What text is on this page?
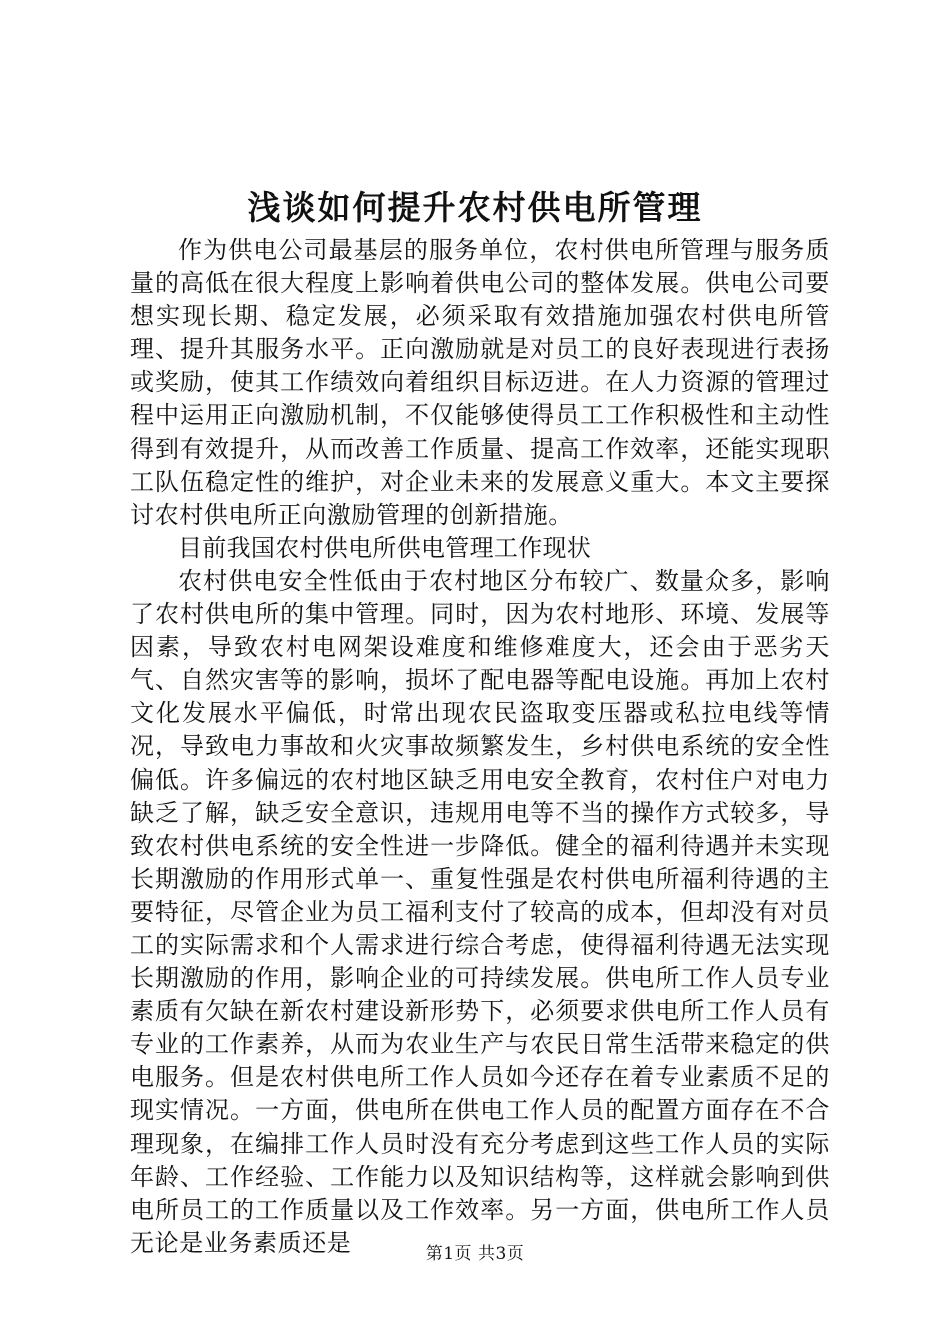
浅谈如何提升农村供电所管理

作为供电公司最基层的服务单位，农村供电所管理与服务质量的高低在很大程度上影响着供电公司的整体发展。供电公司要想实现长期、稳定发展，必须采取有效措施加强农村供电所管理、提升其服务水平。正向激励就是对员工的良好表现进行表扬或奖励，使其工作绩效向着组织目标迈进。在人力资源的管理过程中运用正向激励机制，不仅能够使得员工工作积极性和主动性得到有效提升，从而改善工作质量、提高工作效率，还能实现职工队伍稳定性的维护，对企业未来的发展意义重大。本文主要探讨农村供电所正向激励管理的创新措施。

目前我国农村供电所供电管理工作现状

农村供电安全性低由于农村地区分布较广、数量众多，影响了农村供电所的集中管理。同时，因为农村地形、环境、发展等因素，导致农村电网架设难度和维修难度大，还会由于恶劣天气、自然灾害等的影响，损坏了配电器等配电设施。再加上农村文化发展水平偏低，时常出现农民盗取变压器或私拉电线等情况，导致电力事故和火灾事故频繁发生，乡村供电系统的安全性偏低。许多偏远的农村地区缺乏用电安全教育，农村住户对电力缺乏了解，缺乏安全意识，违规用电等不当的操作方式较多，导致农村供电系统的安全性进一步降低。健全的福利待遇并未实现长期激励的作用形式单一、重复性强是农村供电所福利待遇的主要特征，尽管企业为员工福利支付了较高的成本，但却没有对员工的实际需求和个人需求进行综合考虑，使得福利待遇无法实现长期激励的作用，影响企业的可持续发展。供电所工作人员专业素质有欠缺在新农村建设新形势下，必须要求供电所工作人员有专业的工作素养，从而为农业生产与农民日常生活带来稳定的供电服务。但是农村供电所工作人员如今还存在着专业素质不足的现实情况。一方面，供电所在供电工作人员的配置方面存在不合理现象，在编排工作人员时没有充分考虑到这些工作人员的实际年龄、工作经验、工作能力以及知识结构等，这样就会影响到供电所员工的工作质量以及工作效率。另一方面，供电所工作人员无论是业务素质还是	第1页 共3页
